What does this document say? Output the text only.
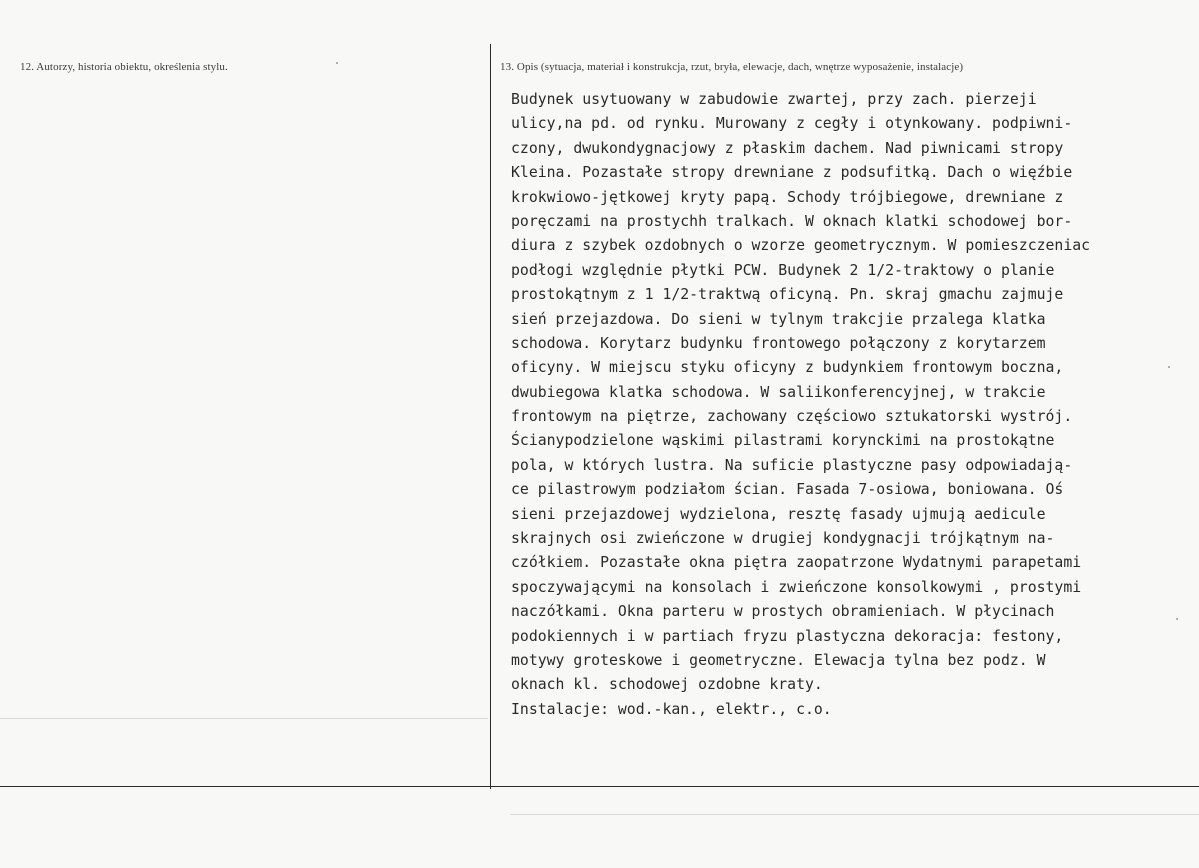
12. Autorzy, historia obiektu, określenia stylu.	13. Opis (sytuacja, materiał i konstrukcja, rzut, bryła, elewacje, dach, wnętrze wyposażenie, instalacje)
Budynek usytuowany w zabudowie zwartej, przy zach. pierzeji
ulicy,na pd. od rynku. Murowany z cegły i otynkowany. podpiwni-
czony, dwukondygnacjowy z płaskim dachem. Nad piwnicami stropy
Kleina. Pozastałe stropy drewniane z podsufitką. Dach o więźbie
krokwiowo-jętkowej kryty papą. Schody trójbiegowe, drewniane z
poręczami na prostychh tralkach. W oknach klatki schodowej bor-
diura z szybek ozdobnych o wzorze geometrycznym. W pomieszczeniac
podłogi względnie płytki PCW. Budynek 2 1/2-traktowy o planie
prostokątnym z 1 1/2-traktwą oficyną. Pn. skraj gmachu zajmuje
sień przejazdowa. Do sieni w tylnym trakcjie przalega klatka
schodowa. Korytarz budynku frontowego połączony z korytarzem
oficyny. W miejscu styku oficyny z budynkiem frontowym boczna,
dwubiegowa klatka schodowa. W saliikonferencyjnej, w trakcie
frontowym na piętrze, zachowany częściowo sztukatorski wystrój.
Ścianypodzielone wąskimi pilastrami korynckimi na prostokątne
pola, w których lustra. Na suficie plastyczne pasy odpowiadają-
ce pilastrowym podziałom ścian. Fasada 7-osiowa, boniowana. Oś
sieni przejazdowej wydzielona, resztę fasady ujmują aedicule
skrajnych osi zwieńczone w drugiej kondygnacji trójkątnym na-
czółkiem. Pozastałe okna piętra zaopatrzone Wydatnymi parapetami
spoczywającymi na konsolach i zwieńczone konsolkowymi , prostymi
naczółkami. Okna parteru w prostych obramieniach. W płycinach
podokiennych i w partiach fryzu plastyczna dekoracja: festony,
motywy groteskowe i geometryczne. Elewacja tylna bez podz. W
oknach kl. schodowej ozdobne kraty.
Instalacje: wod.-kan., elektr., c.o.
